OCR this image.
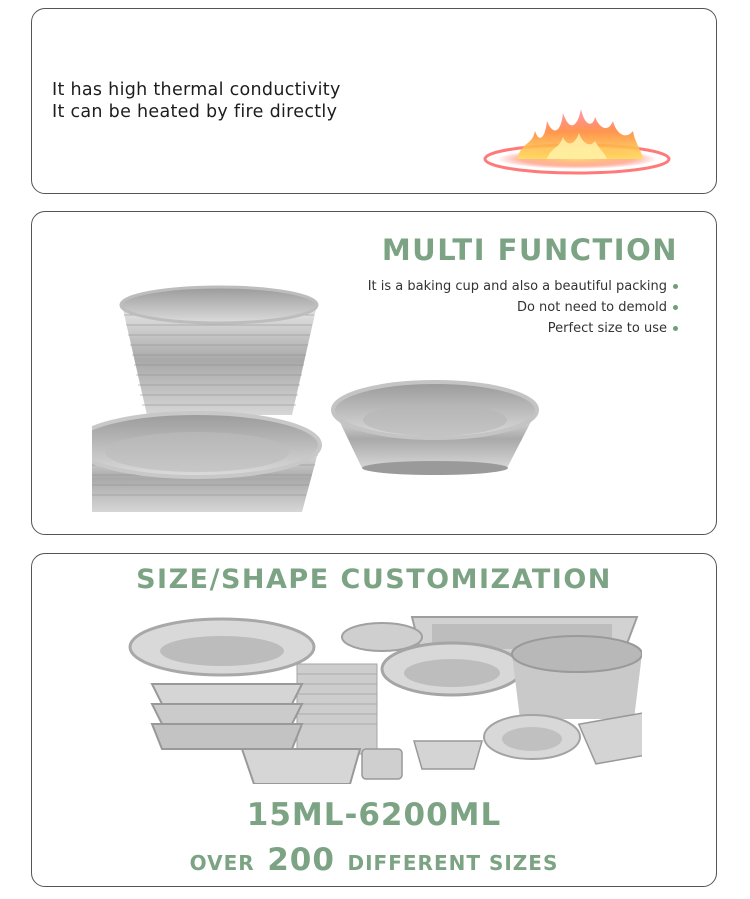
It has high thermal conductivity
It can be heated by fire directly
MULTI FUNCTION
It is a baking cup and also a beautiful packing
Do not need to demold
Perfect size to use
SIZE/SHAPE CUSTOMIZATION
15ML-6200ML
OVER 200 DIFFERENT SIZES
